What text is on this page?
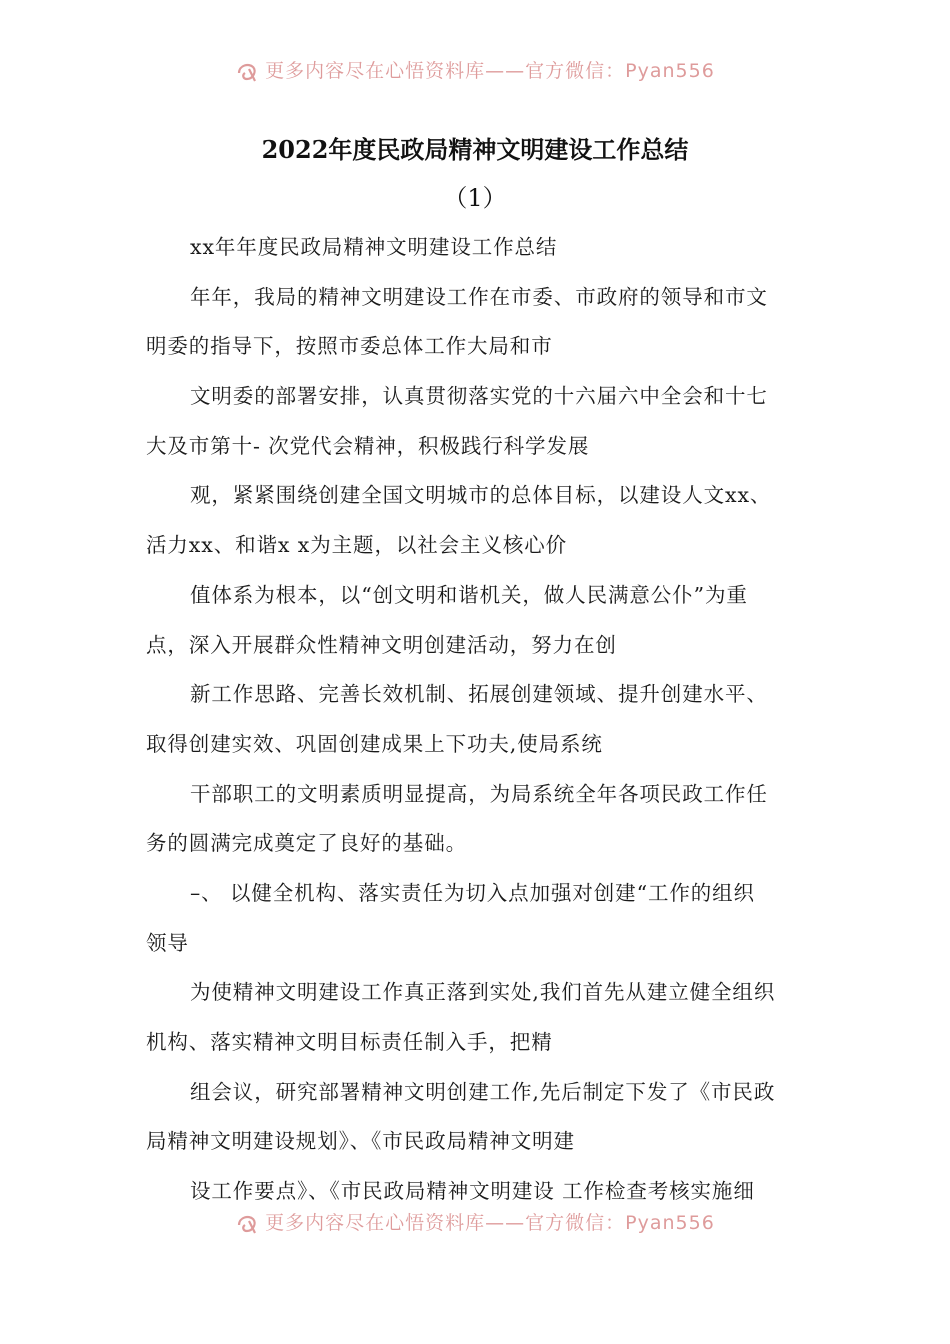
更多内容尽在心悟资料库——官方微信：Pyan556
2022年度民政局精神文明建设工作总结
（1）
xx年年度民政局精神文明建设工作总结
年年，我局的精神文明建设工作在市委、市政府的领导和市文
明委的指导下，按照市委总体工作大局和市
文明委的部署安排，认真贯彻落实党的十六届六中全会和十七
大及市第十- 次党代会精神，积极践行科学发展
观，紧紧围绕创建全国文明城市的总体目标，以建设人文xx、
活力xx、和谐x x为主题，以社会主义核心价
值体系为根本，以“创文明和谐机关，做人民满意公仆”为重
点，深入开展群众性精神文明创建活动，努力在创
新工作思路、完善长效机制、拓展创建领域、提升创建水平、
取得创建实效、巩固创建成果上下功夫,使局系统
干部职工的文明素质明显提高，为局系统全年各项民政工作任
务的圆满完成奠定了良好的基础。
–、 以健全机构、落实责任为切入点加强对创建“工作的组织
领导
为使精神文明建设工作真正落到实处,我们首先从建立健全组织
机构、落实精神文明目标责任制入手，把精
组会议，研究部署精神文明创建工作,先后制定下发了《市民政
局精神文明建设规划》、《市民政局精神文明建
设工作要点》、《市民政局精神文明建设 工作检查考核实施细
更多内容尽在心悟资料库——官方微信：Pyan556
